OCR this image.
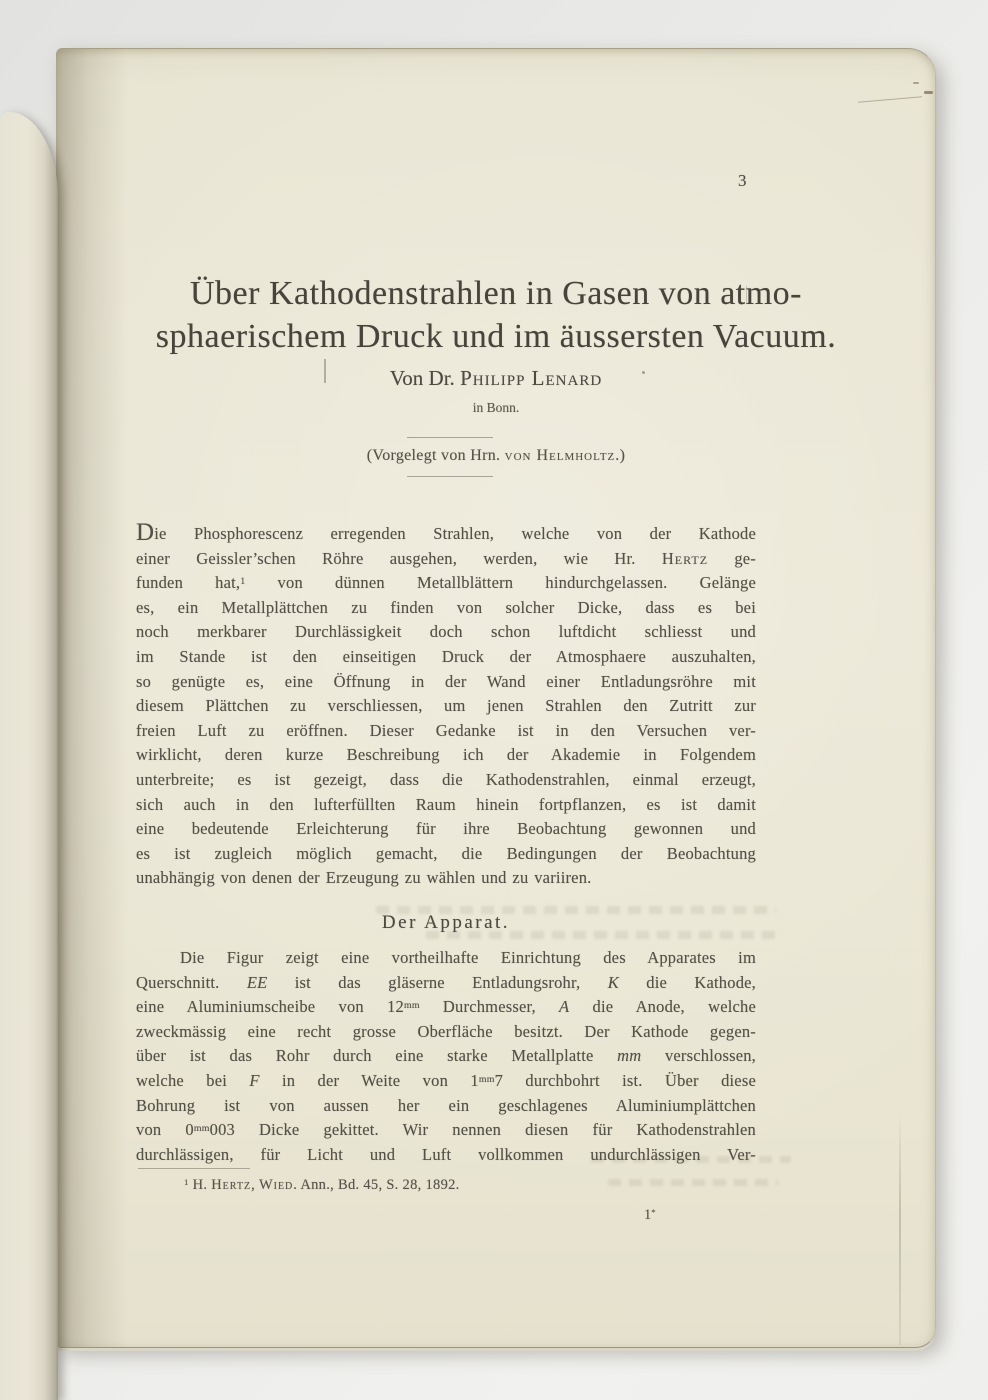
3
Über Kathodenstrahlen in Gasen von atmo-
sphaerischem Druck und im äussersten Vacuum.
Von Dr. Philipp Lenard
in Bonn.
(Vorgelegt von Hrn. von Helmholtz.)
Die Phosphorescenz erregenden Strahlen, welche von der Kathode
einer Geissler’schen Röhre ausgehen, werden, wie Hr. Hertz ge-
funden hat,$^1$ von dünnen Metallblättern hindurchgelassen. Gelänge
es, ein Metallplättchen zu finden von solcher Dicke, dass es bei
noch merkbarer Durchlässigkeit doch schon luftdicht schliesst und
im Stande ist den einseitigen Druck der Atmosphaere auszuhalten,
so genügte es, eine Öffnung in der Wand einer Entladungsröhre mit
diesem Plättchen zu verschliessen, um jenen Strahlen den Zutritt zur
freien Luft zu eröffnen. Dieser Gedanke ist in den Versuchen ver-
wirklicht, deren kurze Beschreibung ich der Akademie in Folgendem
unterbreite; es ist gezeigt, dass die Kathodenstrahlen, einmal erzeugt,
sich auch in den lufterfüllten Raum hinein fortpflanzen, es ist damit
eine bedeutende Erleichterung für ihre Beobachtung gewonnen und
es ist zugleich möglich gemacht, die Bedingungen der Beobachtung
unabhängig von denen der Erzeugung zu wählen und zu variiren.
Der Apparat.
Die Figur zeigt eine vortheilhafte Einrichtung des Apparates im
Querschnitt. EE ist das gläserne Entladungsrohr, K die Kathode,
eine Aluminiumscheibe von $12^{mm}$ Durchmesser, A die Anode, welche
zweckmässig eine recht grosse Oberfläche besitzt. Der Kathode gegen-
über ist das Rohr durch eine starke Metallplatte mm verschlossen,
welche bei F in der Weite von $1^{mm}7$ durchbohrt ist. Über diese
Bohrung ist von aussen her ein geschlagenes Aluminiumplättchen
von $0^{mm}003$ Dicke gekittet. Wir nennen diesen für Kathodenstrahlen
durchlässigen, für Licht und Luft vollkommen undurchlässigen Ver-
$^1$ H. Hertz, Wied. Ann., Bd. 45, S. 28, 1892.
1*
